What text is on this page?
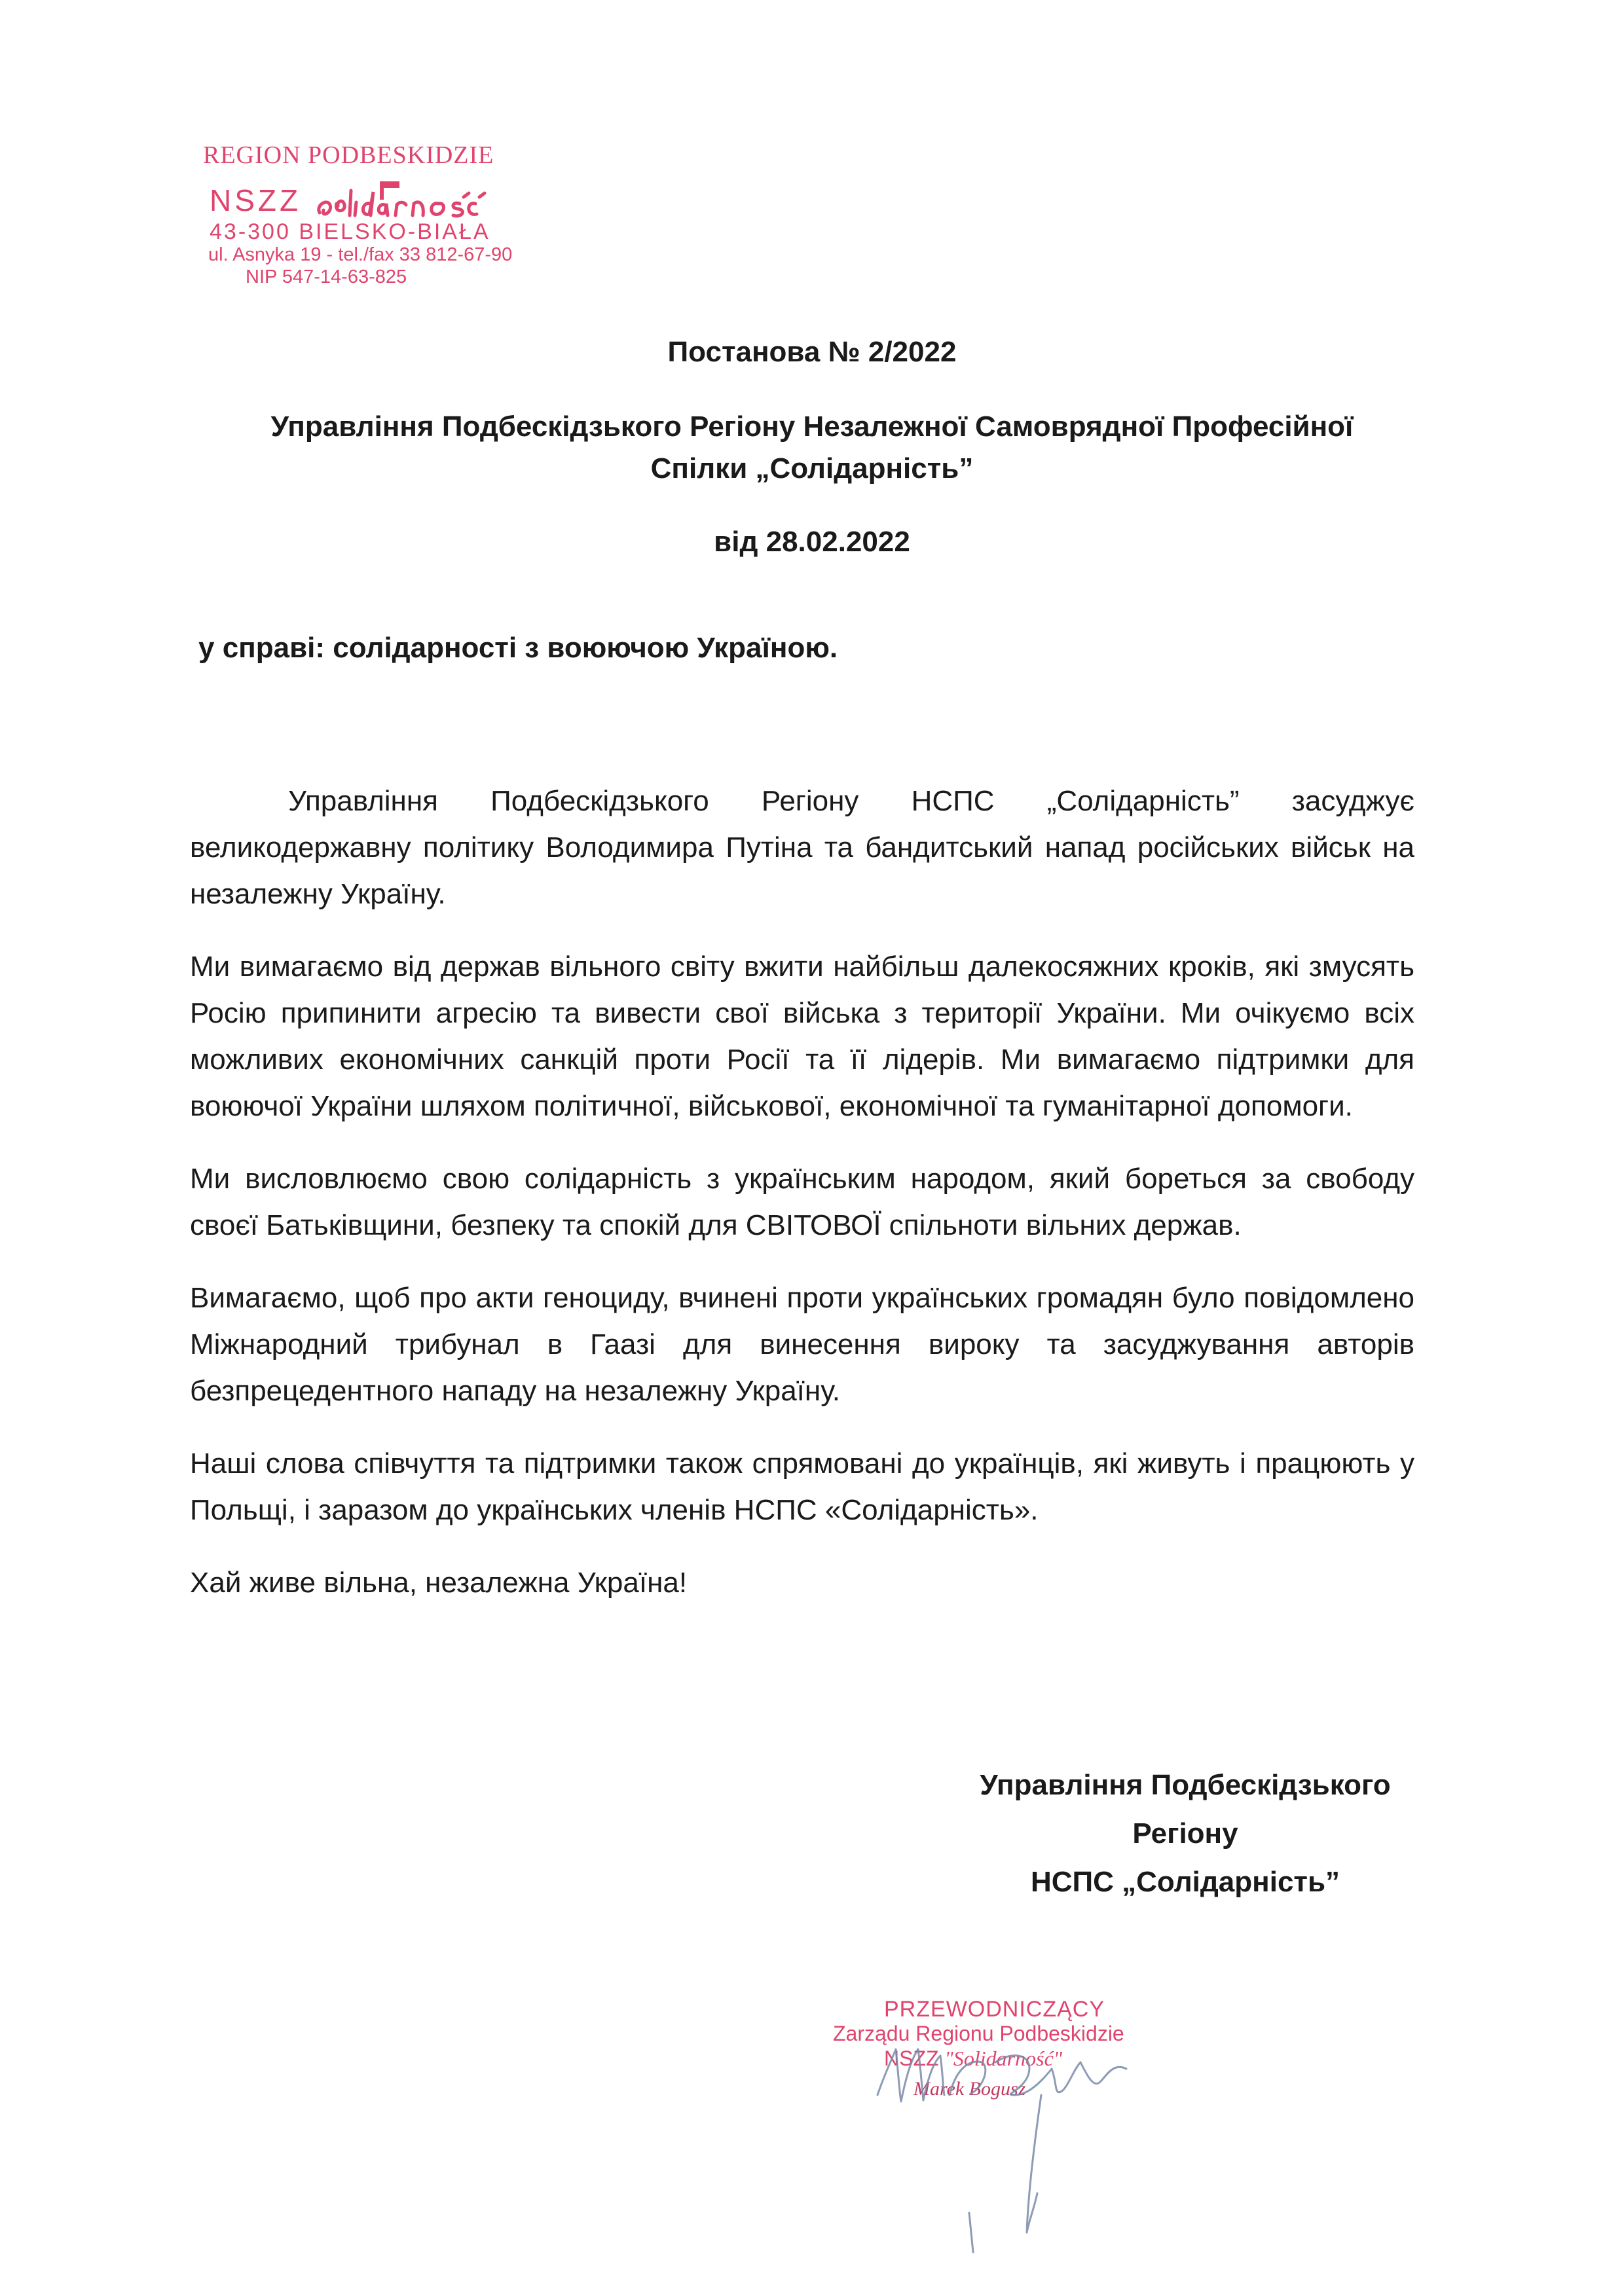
REGION PODBESKIDZIE
NSZZ
43-300 BIELSKO-BIAŁA
ul. Asnyka 19 - tel./fax 33 812-67-90
NIP 547-14-63-825
Постанова № 2/2022
Управління Подбескідзького Регіону Незалежної Самоврядної Професійної
Спілки „Солідарність”
від 28.02.2022
у справі: солідарності з воюючою Україною.

Управління Подбескідзького Регіону НСПС „Солідарність” засуджує великодержавну політику Володимира Путіна та бандитський напад російських військ на незалежну Україну.

Ми вимагаємо від держав вільного світу вжити найбільш далекосяжних кроків, які змусять Росію припинити агресію та вивести свої війська з території України. Ми очікуємо всіх можливих економічних санкцій проти Росії та її лідерів. Ми вимагаємо підтримки для воюючої України шляхом політичної, військової, економічної та гуманітарної допомоги.

Ми висловлюємо свою солідарність з українським народом, який бореться за свободу своєї Батьківщини, безпеку та спокій для СВІТОВОЇ спільноти вільних держав.

Вимагаємо, щоб про акти геноциду, вчинені проти українських громадян було повідомлено Міжнародний трибунал в Гаазі для винесення вироку та засуджування авторів безпрецедентного нападу на незалежну Україну.

Наші слова співчуття та підтримки також спрямовані до українців, які живуть і працюють у Польщі, і заразом до українських членів НСПС «Солідарність».

Хай живе вільна, незалежна Україна!

Управління Подбескідзького
Регіону
НСПС „Солідарність”
PRZEWODNICZĄCY
Zarządu Regionu Podbeskidzie
NSZZ "Solidarność"
Marek Bogusz
